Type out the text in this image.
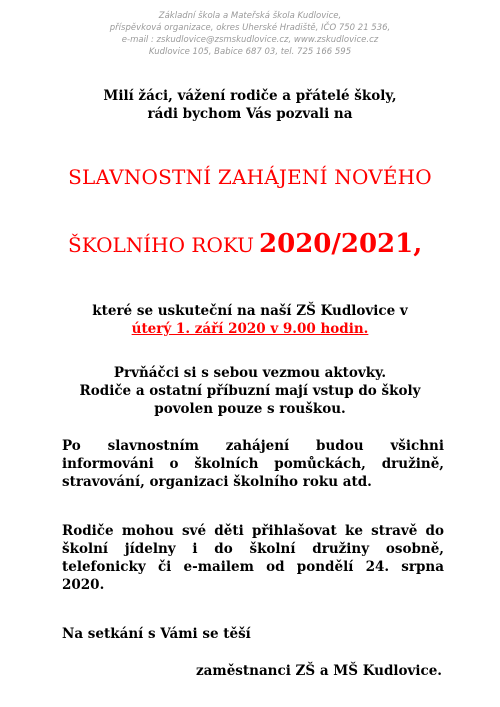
Základní škola a Mateřská škola Kudlovice,
příspěvková organizace, okres Uherské Hradiště, IČO 750 21 536,
e-mail : zskudlovice@zsmskudlovice.cz, www.zskudlovice.cz
Kudlovice 105, Babice 687 03, tel. 725 166 595
Milí žáci, vážení rodiče a přátelé školy,
rádi bychom Vás pozvali na
SLAVNOSTNÍ ZAHÁJENÍ NOVÉHO
ŠKOLNÍHO ROKU 2020/2021,
které se uskuteční na naší ZŠ Kudlovice v
úterý 1. září 2020 v 9.00 hodin.
Prvňáčci si s sebou vezmou aktovky.
Rodiče a ostatní příbuzní mají vstup do školy
povolen pouze s rouškou.
Po slavnostním zahájení budou všichni informováni o školních pomůckách, družině, stravování, organizaci školního roku atd.
Rodiče mohou své děti přihlašovat ke stravě do školní jídelny i do školní družiny osobně, telefonicky či e-mailem od pondělí 24. srpna 2020.
Na setkání s Vámi se těší
zaměstnanci ZŠ a MŠ Kudlovice.
